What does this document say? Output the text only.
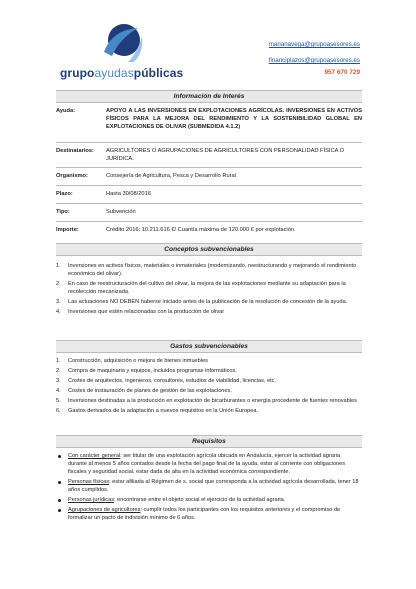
grupoayudaspúblicas
marianavega@grupoasesores.es
financiplazos@grupoasesores.es
957 670 729
Información de Interés
Ayuda:	APOYO A LAS INVERSIONES EN EXPLOTACIONES AGRÍCOLAS. INVERSIONES EN ACTIVOS FÍSICOS PARA LA MEJORA DEL RENDIMIENTO Y LA SOSTENIBILIDAD GLOBAL EN EXPLOTACIONES DE OLIVAR (SUBMEDIDA 4.1.2)
Destinatarios:	AGRICULTORES O AGRUPACIONES DE AGRICULTORES CON PERSONALIDAD FÍSICA O JURÍDICA.
Organismo:	Consejería de Agricultura, Pesca y Desarrollo Rural
Plazo:	Hasta 30/08/2016
Tipo:	Subvención
Importe:	Crédito 2016: 10.211.616 €/ Cuantía máxima de 120.000 € por explotación.
Conceptos subvencionables
1. Inversiones en activos físicos, materiales o inmateriales (modernizando, reestructurando y mejorando el rendimiento económico del olivar).
2. En caso de reestructuración del cultivo del olivar, la mejora de las explotaciones mediante su adaptación para la recolección mecanizada.
3. Las actuaciones NO DEBEN haberse iniciado antes de la publicación de la resolución de concesión de la ayuda.
4. Inversiones que estén relacionadas con la producción de olivar
Gastos subvencionables
1. Construcción, adquisición o mejora de bienes inmuebles
2. Compra de maquinaria y equipos, incluidos programas informáticos.
3. Costes de arquitectos, ingenieros, consultores, estudios de viabilidad, licencias, etc.
4. Costes de instauración de planes de gestión de las explotaciones.
5. Inversiones destinadas a la producción en explotación de bicarburantes o energía procedente de fuentes renovables
6. Gastos derivados de la adaptación a nuevos requisitos en la Unión Europea.
Requisitos
Con carácter general: ser titular de una explotación agrícola ubicada en Andalucía, ejercer la actividad agraria durante al menos 5 años contados desde la fecha del pago final de la ayuda, estar al corriente con obligaciones fiscales y seguridad social, estar dada de alta en la actividad económica correspondiente.
Personas físicas: estar afiliada al Régimen de s. social que corresponda a la actividad agrícola desarrollada, tener 18 años cumplidos.
Personas jurídicas: encontrarse entre el objeto social el ejercicio de la actividad agraria.
Agrupaciones de agricultores: cumplir todos los participantes con los requisitos anteriores y el compromiso de formalizar un pacto de indivisión mínimo de 6 años.
